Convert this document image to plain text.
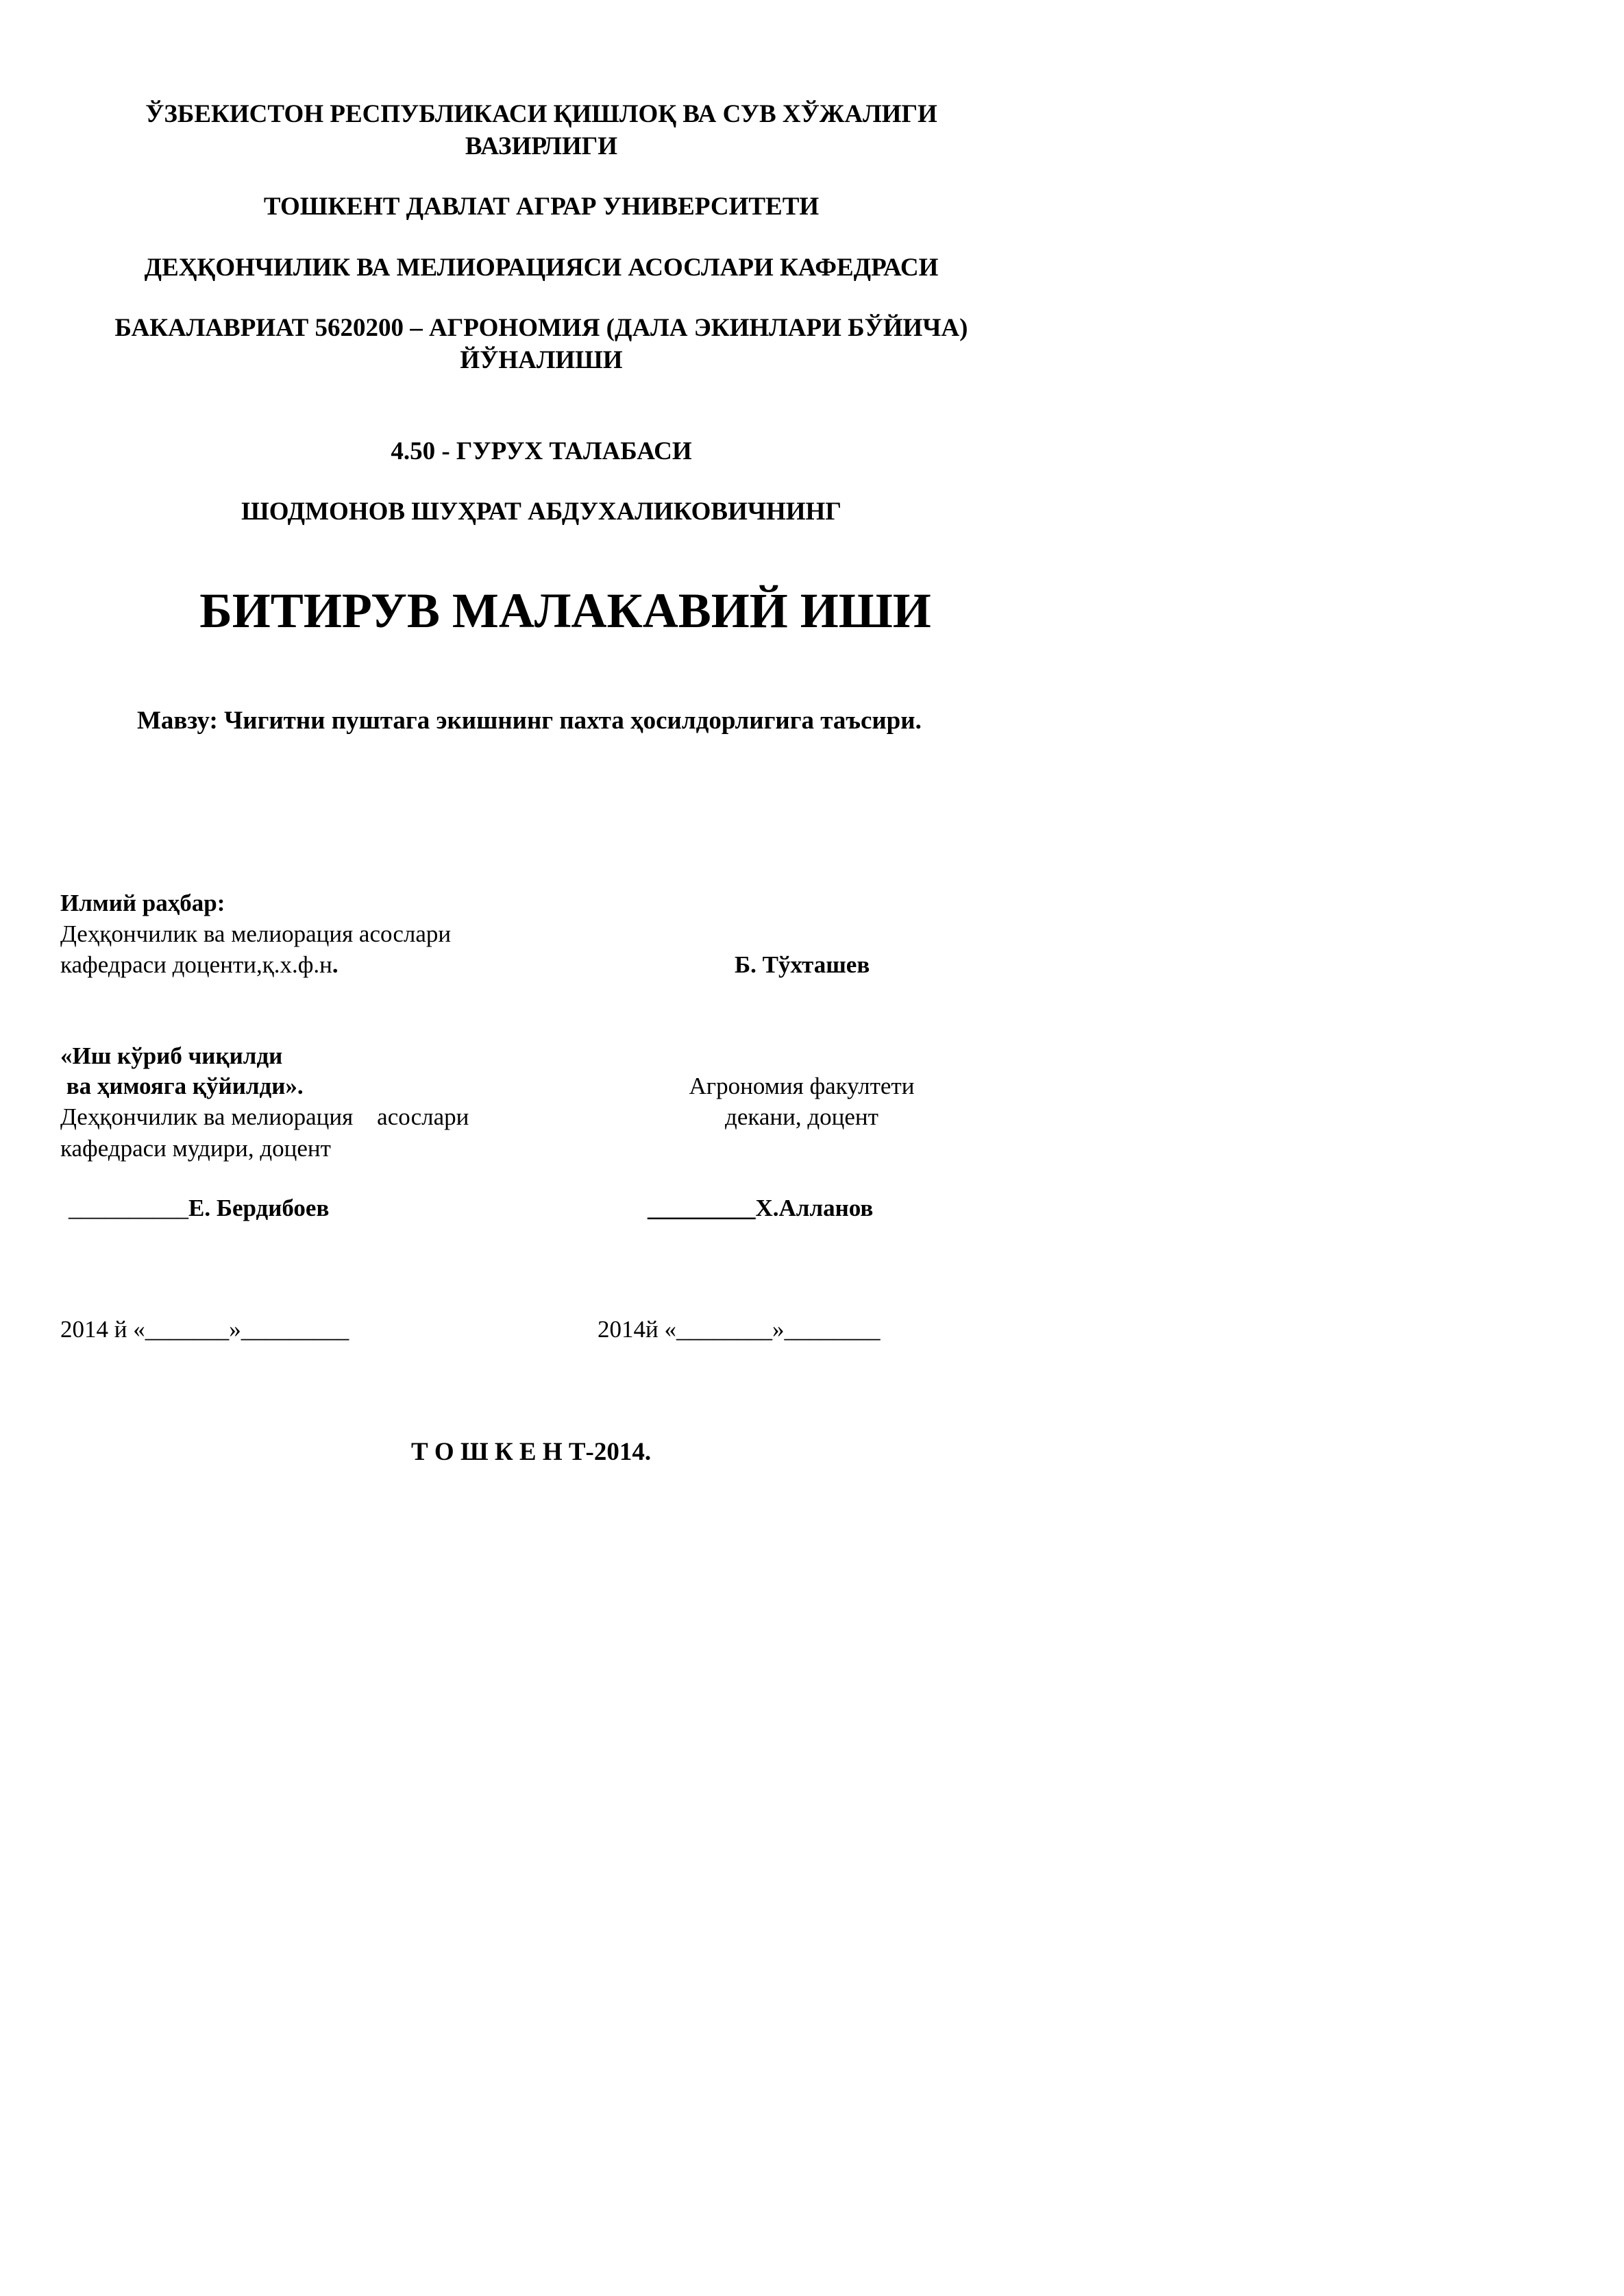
ЎЗБЕКИСТОН РЕСПУБЛИКАСИ ҚИШЛОҚ ВА СУВ ХЎЖАЛИГИ
ВАЗИРЛИГИ
ТОШКЕНТ ДАВЛАТ АГРАР УНИВЕРСИТЕТИ
ДЕҲҚОНЧИЛИК ВА МЕЛИОРАЦИЯСИ АСОСЛАРИ КАФЕДРАСИ
БАКАЛАВРИАТ 5620200 – АГРОНОМИЯ (ДАЛА ЭКИНЛАРИ БЎЙИЧА)
ЙЎНАЛИШИ
4.50 - ГУРУХ ТАЛАБАСИ
ШОДМОНОВ ШУҲРАТ АБДУХАЛИКОВИЧНИНГ
БИТИРУВ МАЛАКАВИЙ ИШИ
Мавзу: Чигитни пуштага экишнинг пахта ҳосилдорлигига таъсири.
Илмий раҳбар:
Деҳқончилик ва мелиорация асослари
кафедраси доценти,қ.х.ф.н.	Б. Тўхташев
«Иш кўриб чиқилди
ва ҳимояга қўйилди».
Деҳқончилик ва мелиорация    асослари
кафедраси мудири, доцент
Агрономия факултети
декани, доцент
__________Е. Бердибоев	_________Х.Алланов
2014 й «_______»_________	2014й «________»________
Т О Ш К Е Н Т-2014.
